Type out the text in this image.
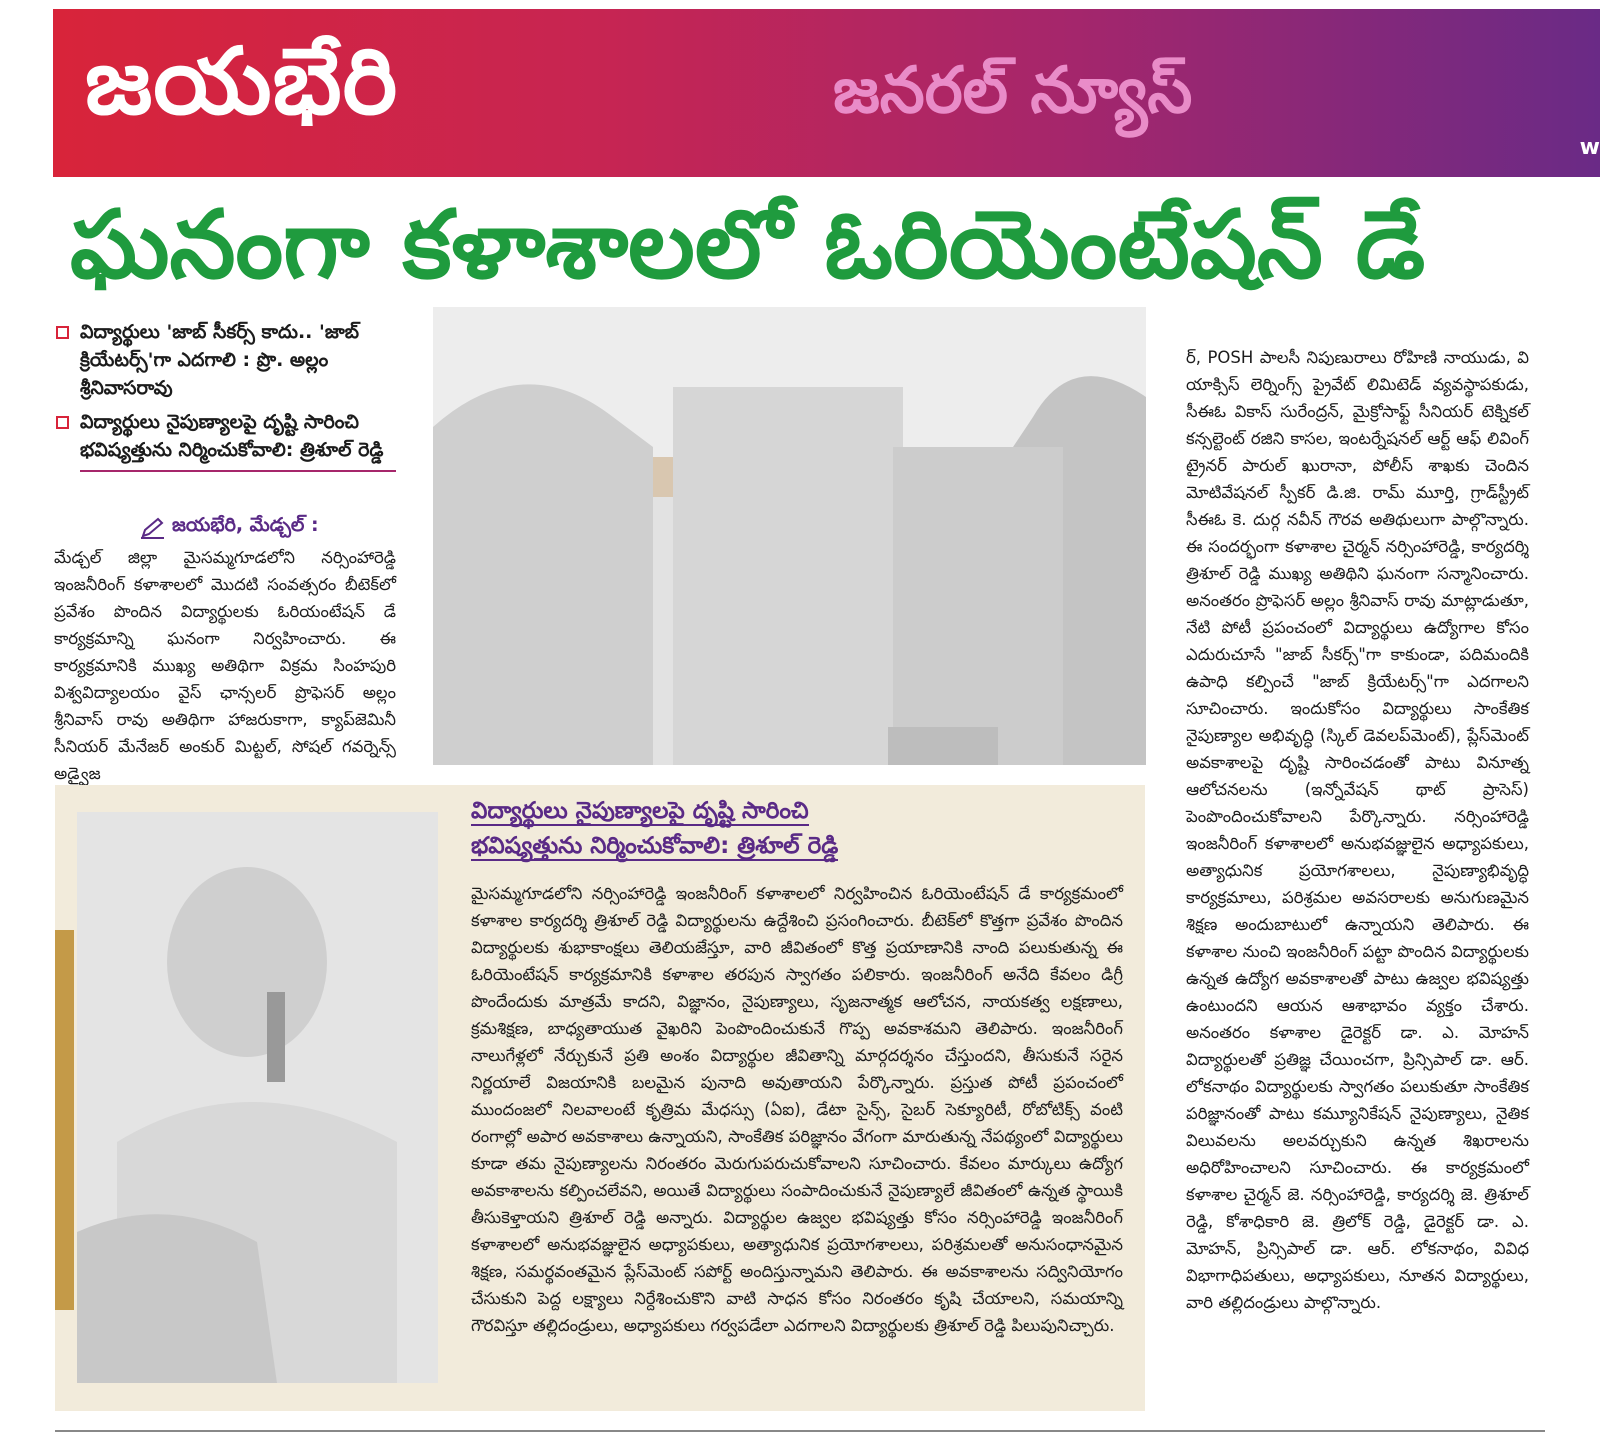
జయభేరి	జనరల్ న్యూస్
w
ఘనంగా కళాశాలలో ఓరియెంటేషన్ డే
విద్యార్థులు 'జాబ్ సీకర్స్ కాదు.. 'జాబ్ క్రియేటర్స్'గా ఎదగాలి : ప్రొ. అల్లం శ్రీనివాసరావు
విద్యార్థులు నైపుణ్యాలపై దృష్టి సారించి భవిష్యత్తును నిర్మించుకోవాలి: త్రిశూల్ రెడ్డి
జయభేరి, మేడ్చల్ :
మేడ్చల్ జిల్లా మైసమ్మగూడలోని నర్సింహారెడ్డి ఇంజనీరింగ్ కళాశాలలో మొదటి సంవత్సరం బీటెక్‌లో ప్రవేశం పొందిన విద్యార్థులకు ఓరియంటేషన్ డే కార్యక్రమాన్ని ఘనంగా నిర్వహించారు. ఈ కార్యక్రమానికి ముఖ్య అతిథిగా విక్రమ సింహపురి విశ్వవిద్యాలయం వైస్ ఛాన్సలర్ ప్రొఫెసర్ అల్లం శ్రీనివాస్ రావు అతిథిగా హాజరుకాగా, క్యాప్‌జెమినీ సీనియర్ మేనేజర్ అంకుర్ మిట్టల్, సోషల్ గవర్నెన్స్ అడ్వైజ
ర్, POSH పాలసీ నిపుణురాలు రోహిణి నాయుడు, వి యాక్సిస్ లెర్నింగ్స్ ప్రైవేట్ లిమిటెడ్ వ్యవస్థాపకుడు, సీఈఓ వికాస్ సురేంద్రన్, మైక్రోసాఫ్ట్ సీనియర్ టెక్నికల్ కన్సల్టెంట్ రజిని కాసల, ఇంటర్నేషనల్ ఆర్ట్ ఆఫ్ లివింగ్ ట్రైనర్ పారుల్ ఖురానా, పోలీస్ శాఖకు చెందిన మోటివేషనల్ స్పీకర్ డి.జి. రామ్ మూర్తి, గ్రాడ్‌స్ట్రీట్ సీఈఓ కె. దుర్గ నవీన్ గౌరవ అతిథులుగా పాల్గొన్నారు. ఈ సందర్భంగా కళాశాల చైర్మన్ నర్సింహారెడ్డి, కార్యదర్శి త్రిశూల్ రెడ్డి ముఖ్య అతిథిని ఘనంగా సన్మానించారు. అనంతరం ప్రొఫెసర్ అల్లం శ్రీనివాస్ రావు మాట్లాడుతూ, నేటి పోటీ ప్రపంచంలో విద్యార్థులు ఉద్యోగాల కోసం ఎదురుచూసే "జాబ్ సీకర్స్"గా కాకుండా, పదిమందికి ఉపాధి కల్పించే "జాబ్ క్రియేటర్స్"గా ఎదగాలని సూచించారు. ఇందుకోసం విద్యార్థులు సాంకేతిక నైపుణ్యాల అభివృద్ధి (స్కిల్ డెవలప్‌మెంట్), ప్లేస్‌మెంట్ అవకాశాలపై దృష్టి సారించడంతో పాటు వినూత్న ఆలోచనలను (ఇన్నోవేషన్ థాట్ ప్రాసెస్) పెంపొందించుకోవాలని పేర్కొన్నారు. నర్సింహారెడ్డి ఇంజనీరింగ్ కళాశాలలో అనుభవజ్ఞులైన అధ్యాపకులు, అత్యాధునిక ప్రయోగశాలలు, నైపుణ్యాభివృద్ధి కార్యక్రమాలు, పరిశ్రమల అవసరాలకు అనుగుణమైన శిక్షణ అందుబాటులో ఉన్నాయని తెలిపారు. ఈ కళాశాల నుంచి ఇంజనీరింగ్ పట్టా పొందిన విద్యార్థులకు ఉన్నత ఉద్యోగ అవకాశాలతో పాటు ఉజ్వల భవిష్యత్తు ఉంటుందని ఆయన ఆశాభావం వ్యక్తం చేశారు. అనంతరం కళాశాల డైరెక్టర్ డా. ఎ. మోహన్ విద్యార్థులతో ప్రతిజ్ఞ చేయించగా, ప్రిన్సిపాల్ డా. ఆర్. లోకనాథం విద్యార్థులకు స్వాగతం పలుకుతూ సాంకేతిక పరిజ్ఞానంతో పాటు కమ్యూనికేషన్ నైపుణ్యాలు, నైతిక విలువలను అలవర్చుకుని ఉన్నత శిఖరాలను అధిరోహించాలని సూచించారు. ఈ కార్యక్రమంలో కళాశాల చైర్మన్ జె. నర్సింహారెడ్డి, కార్యదర్శి జె. త్రిశూల్ రెడ్డి, కోశాధికారి జె. త్రిలోక్ రెడ్డి, డైరెక్టర్ డా. ఎ. మోహన్, ప్రిన్సిపాల్ డా. ఆర్. లోకనాథం, వివిధ విభాగాధిపతులు, అధ్యాపకులు, నూతన విద్యార్థులు, వారి తల్లిదండ్రులు పాల్గొన్నారు.
విద్యార్థులు నైపుణ్యాలపై దృష్టి సారించి
భవిష్యత్తును నిర్మించుకోవాలి: త్రిశూల్ రెడ్డి
మైసమ్మగూడలోని నర్సింహారెడ్డి ఇంజనీరింగ్ కళాశాలలో నిర్వహించిన ఓరియెంటేషన్ డే కార్యక్రమంలో కళాశాల కార్యదర్శి త్రిశూల్ రెడ్డి విద్యార్థులను ఉద్దేశించి ప్రసంగించారు. బీటెక్‌లో కొత్తగా ప్రవేశం పొందిన విద్యార్థులకు శుభాకాంక్షలు తెలియజేస్తూ, వారి జీవితంలో కొత్త ప్రయాణానికి నాంది పలుకుతున్న ఈ ఓరియెంటేషన్ కార్యక్రమానికి కళాశాల తరపున స్వాగతం పలికారు. ఇంజనీరింగ్ అనేది కేవలం డిగ్రీ పొందేందుకు మాత్రమే కాదని, విజ్ఞానం, నైపుణ్యాలు, సృజనాత్మక ఆలోచన, నాయకత్వ లక్షణాలు, క్రమశిక్షణ, బాధ్యతాయుత వైఖరిని పెంపొందించుకునే గొప్ప అవకాశమని తెలిపారు. ఇంజనీరింగ్ నాలుగేళ్లలో నేర్చుకునే ప్రతి అంశం విద్యార్థుల జీవితాన్ని మార్గదర్శనం చేస్తుందని, తీసుకునే సరైన నిర్ణయాలే విజయానికి బలమైన పునాది అవుతాయని పేర్కొన్నారు. ప్రస్తుత పోటీ ప్రపంచంలో ముందంజలో నిలవాలంటే కృత్రిమ మేధస్సు (ఏఐ), డేటా సైన్స్, సైబర్ సెక్యూరిటీ, రోబోటిక్స్ వంటి రంగాల్లో అపార అవకాశాలు ఉన్నాయని, సాంకేతిక పరిజ్ఞానం వేగంగా మారుతున్న నేపథ్యంలో విద్యార్థులు కూడా తమ నైపుణ్యాలను నిరంతరం మెరుగుపరుచుకోవాలని సూచించారు. కేవలం మార్కులు ఉద్యోగ అవకాశాలను కల్పించలేవని, అయితే విద్యార్థులు సంపాదించుకునే నైపుణ్యాలే జీవితంలో ఉన్నత స్థాయికి తీసుకెళ్తాయని త్రిశూల్ రెడ్డి అన్నారు. విద్యార్థుల ఉజ్వల భవిష్యత్తు కోసం నర్సింహారెడ్డి ఇంజనీరింగ్ కళాశాలలో అనుభవజ్ఞులైన అధ్యాపకులు, అత్యాధునిక ప్రయోగశాలలు, పరిశ్రమలతో అనుసంధానమైన శిక్షణ, సమర్థవంతమైన ప్లేస్‌మెంట్ సపోర్ట్ అందిస్తున్నామని తెలిపారు. ఈ అవకాశాలను సద్వినియోగం చేసుకుని పెద్ద లక్ష్యాలు నిర్దేశించుకొని వాటి సాధన కోసం నిరంతరం కృషి చేయాలని, సమయాన్ని గౌరవిస్తూ తల్లిదండ్రులు, అధ్యాపకులు గర్వపడేలా ఎదగాలని విద్యార్థులకు త్రిశూల్ రెడ్డి పిలుపునిచ్చారు.
